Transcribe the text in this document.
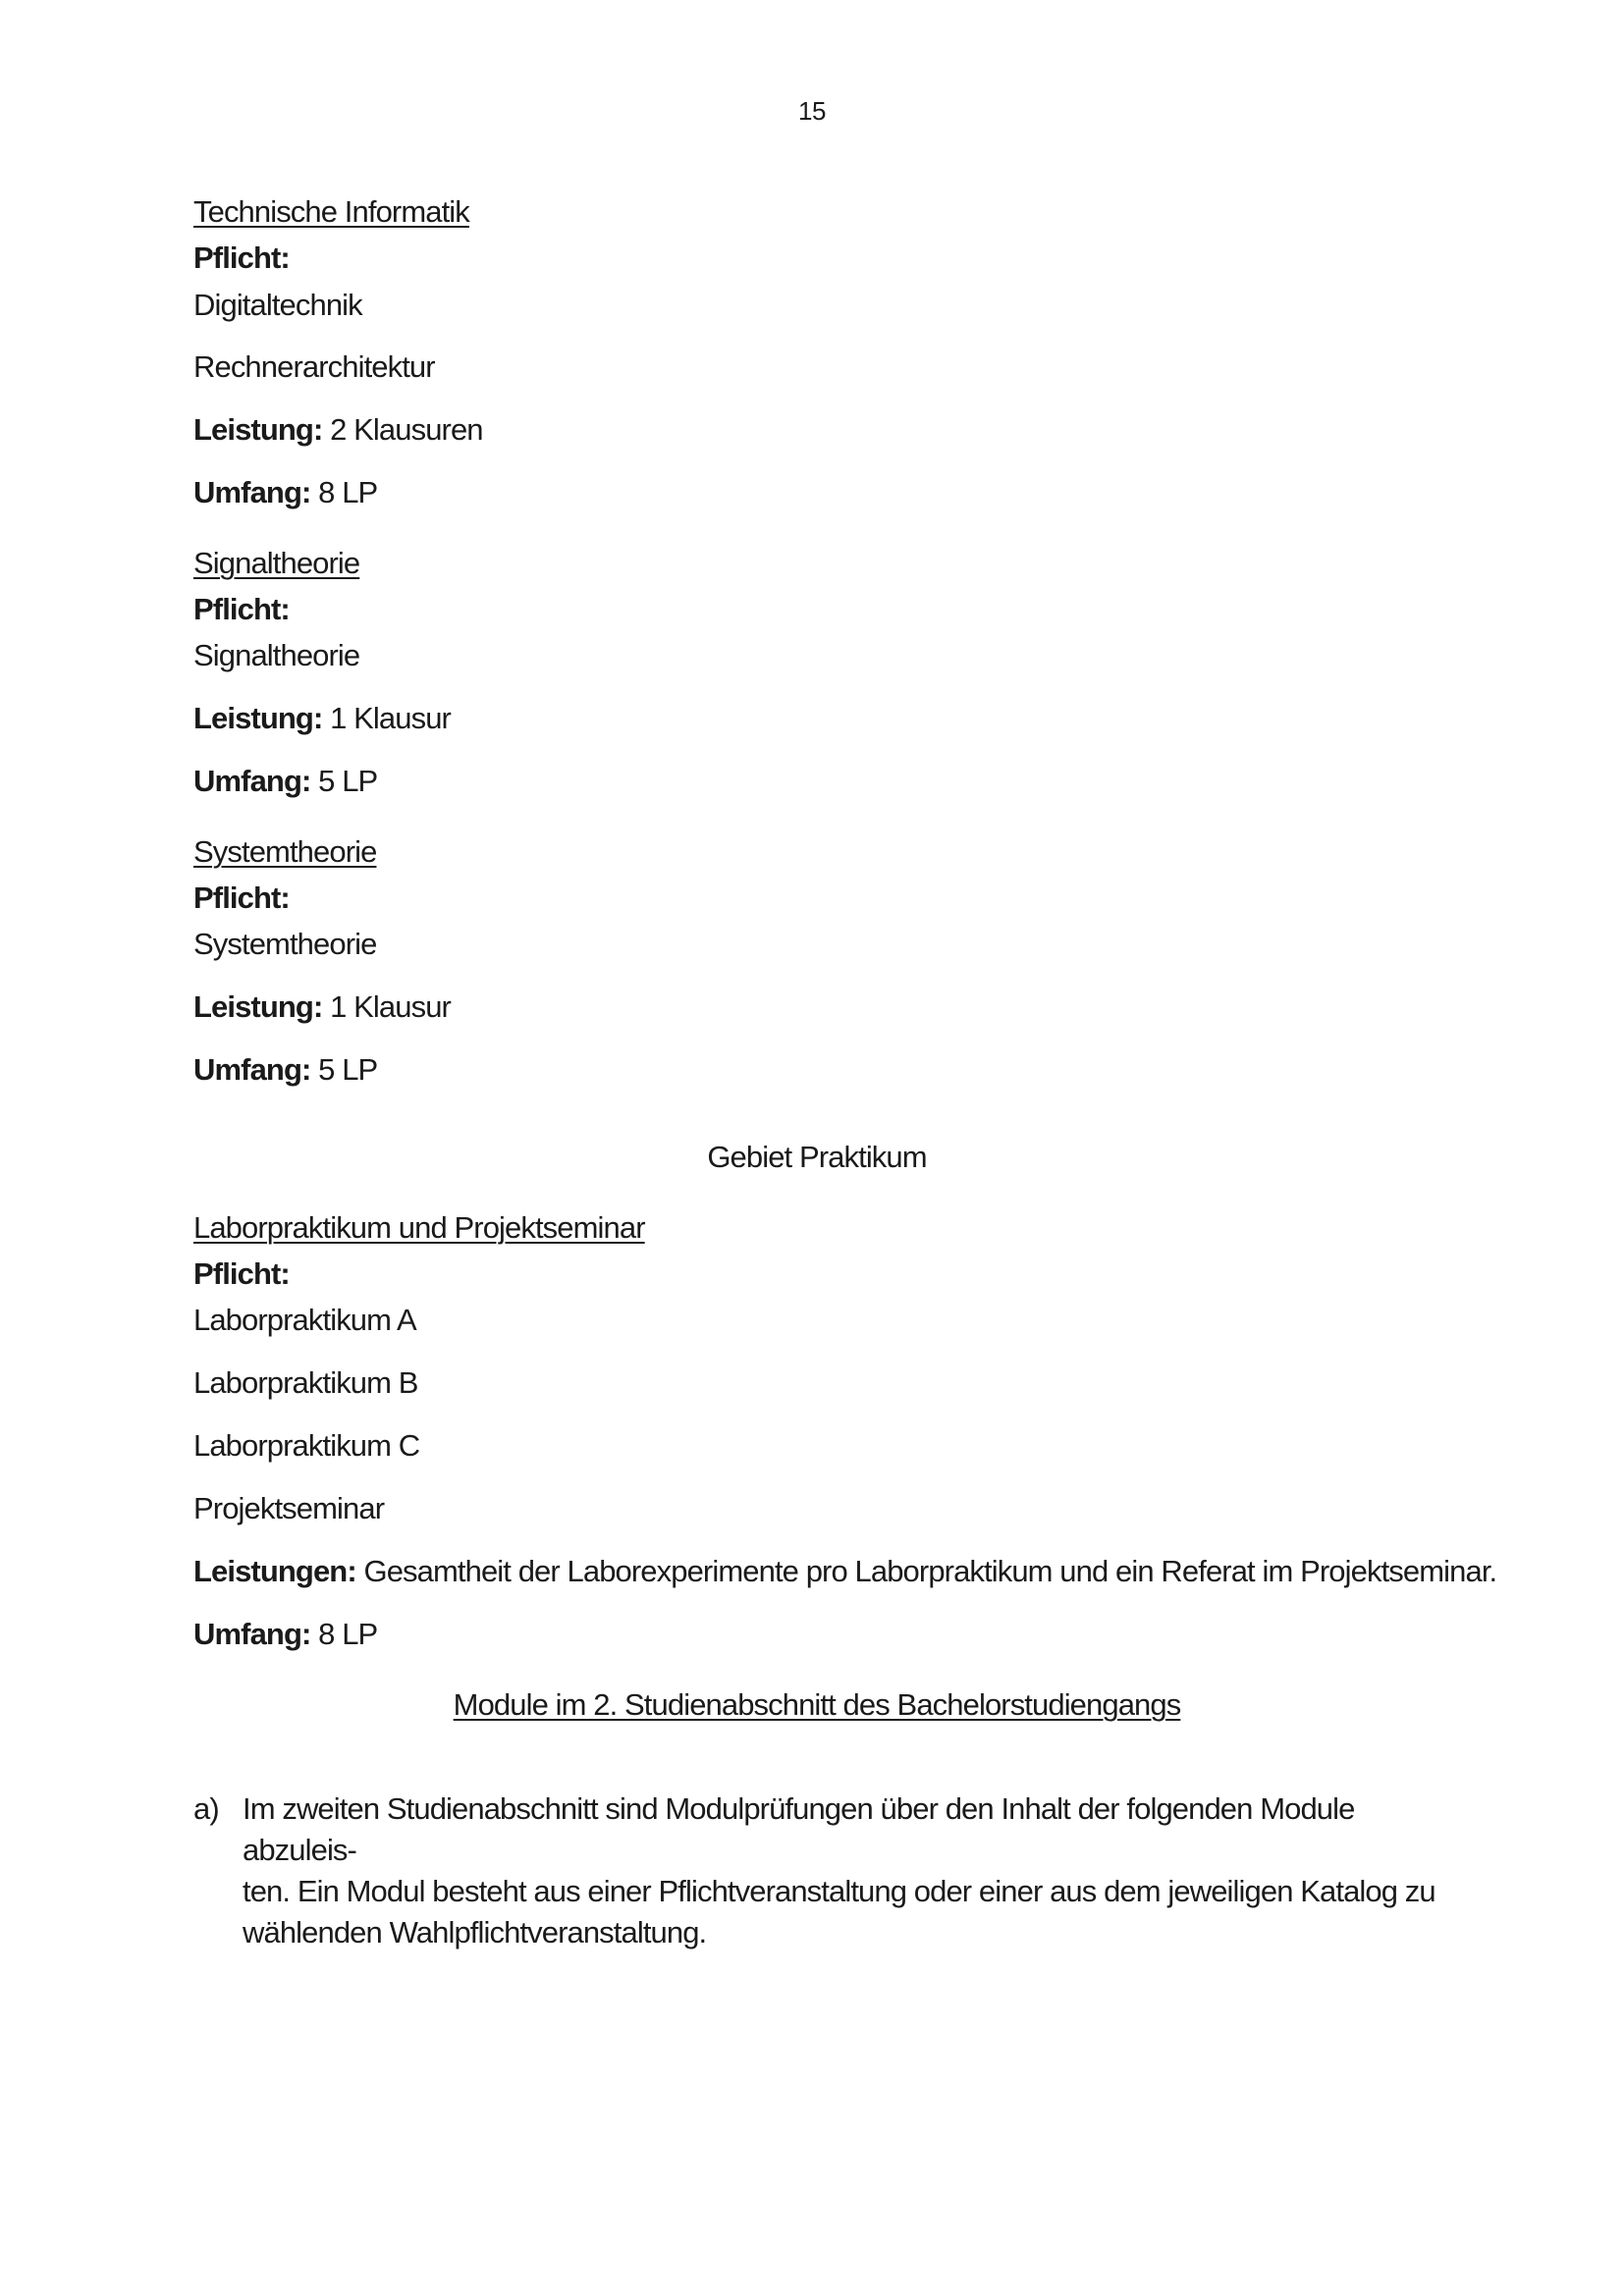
15
Technische Informatik
Pflicht:
Digitaltechnik
Rechnerarchitektur
Leistung: 2 Klausuren
Umfang: 8 LP
Signaltheorie
Pflicht:
Signaltheorie
Leistung: 1 Klausur
Umfang: 5 LP
Systemtheorie
Pflicht:
Systemtheorie
Leistung: 1 Klausur
Umfang: 5 LP
Gebiet Praktikum
Laborpraktikum und Projektseminar
Pflicht:
Laborpraktikum A
Laborpraktikum B
Laborpraktikum C
Projektseminar
Leistungen: Gesamtheit der Laborexperimente pro Laborpraktikum und ein Referat im Projektseminar.
Umfang: 8 LP
Module im 2. Studienabschnitt des Bachelorstudiengangs
a) Im zweiten Studienabschnitt sind Modulprüfungen über den Inhalt der folgenden Module abzuleis-
ten. Ein Modul besteht aus einer Pflichtveranstaltung oder einer aus dem jeweiligen Katalog zu
wählenden Wahlpflichtveranstaltung.
